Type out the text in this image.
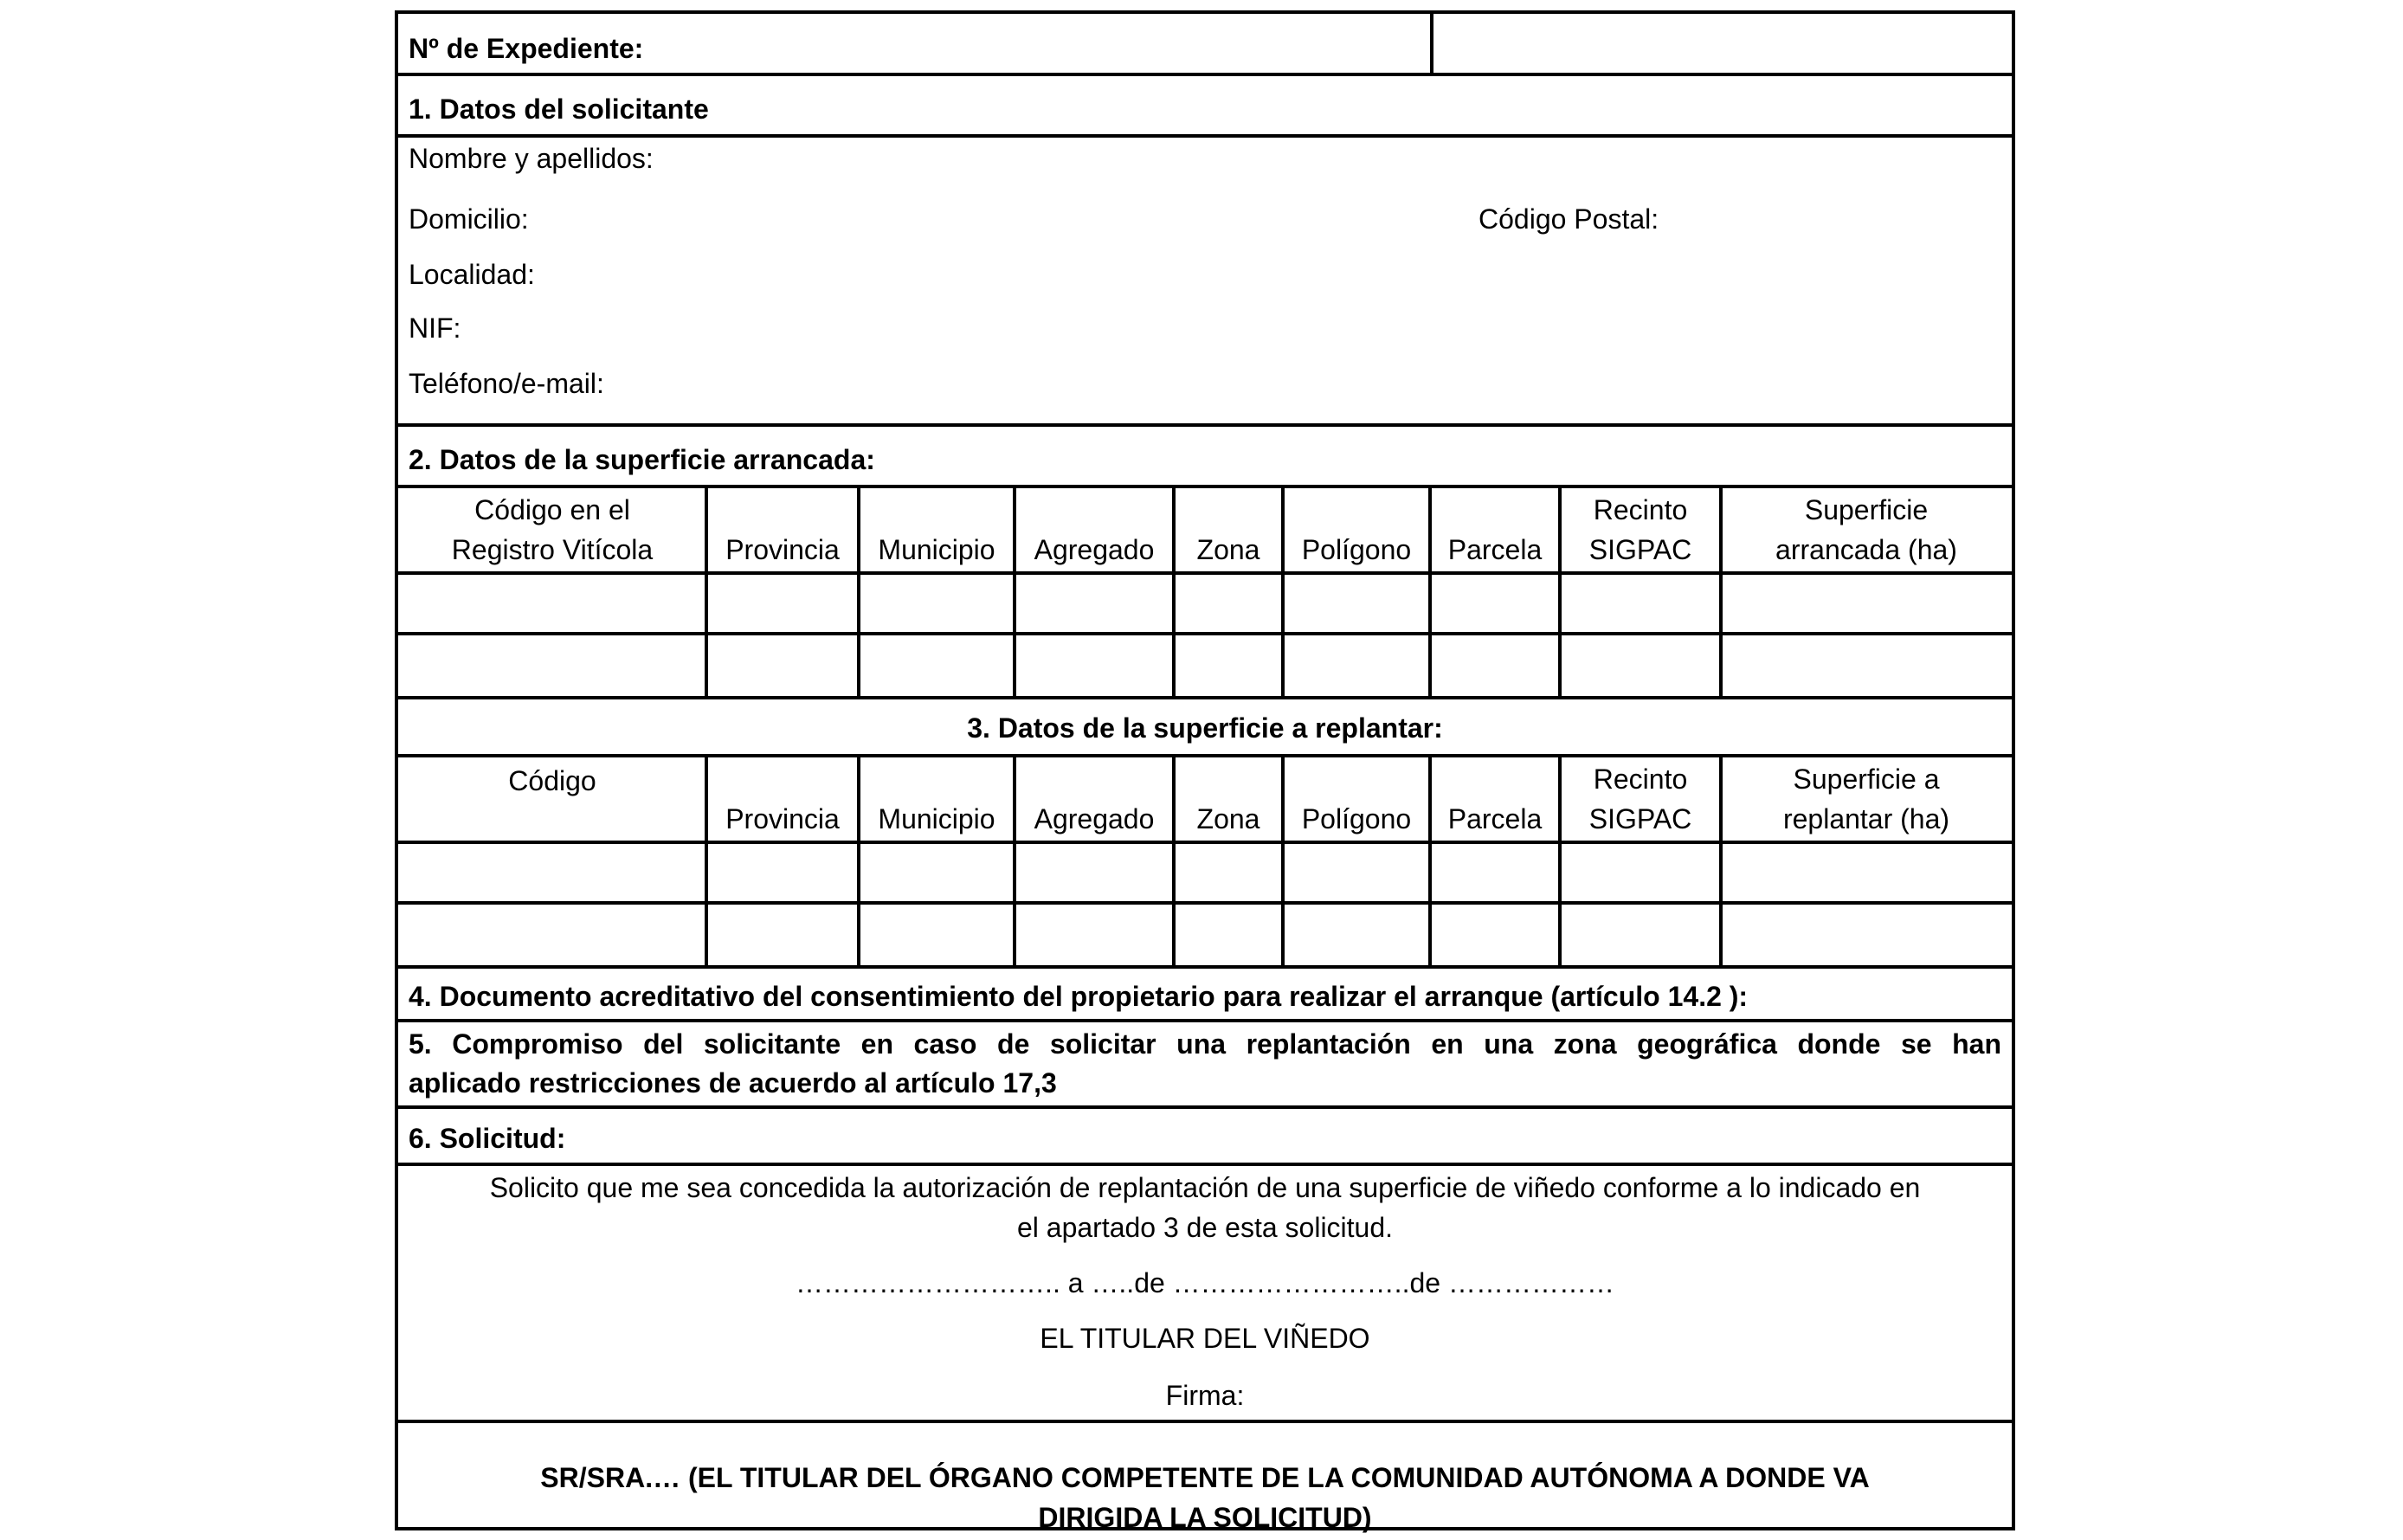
Nº de Expediente:
1. Datos del solicitante
Nombre y apellidos:
Domicilio:	Código Postal:
Localidad:
NIF:
Teléfono/e-mail:
2. Datos de la superficie arrancada:
Código en el
Registro Vitícola	Provincia Municipio Agregado Zona Polígono Parcela
Recinto
SIGPAC
Superficie
arrancada (ha)
3. Datos de la superficie a replantar:
Código
Provincia Municipio Agregado Zona Polígono Parcela
Recinto
SIGPAC
Superficie a
replantar (ha)
4. Documento acreditativo del consentimiento del propietario para realizar el arranque (artículo 14.2 ):
5. Compromiso del solicitante en caso de solicitar una replantación en una zona geográfica donde se han
aplicado restricciones de acuerdo al artículo 17,3
6. Solicitud:
Solicito que me sea concedida la autorización de replantación de una superficie de viñedo conforme a lo indicado en
el apartado 3 de esta solicitud.
……………………….. a …..de ……………………..de ………………
EL TITULAR DEL VIÑEDO
Firma:
SR/SRA.… (EL TITULAR DEL ÓRGANO COMPETENTE DE LA COMUNIDAD AUTÓNOMA A DONDE VA
DIRIGIDA LA SOLICITUD)
